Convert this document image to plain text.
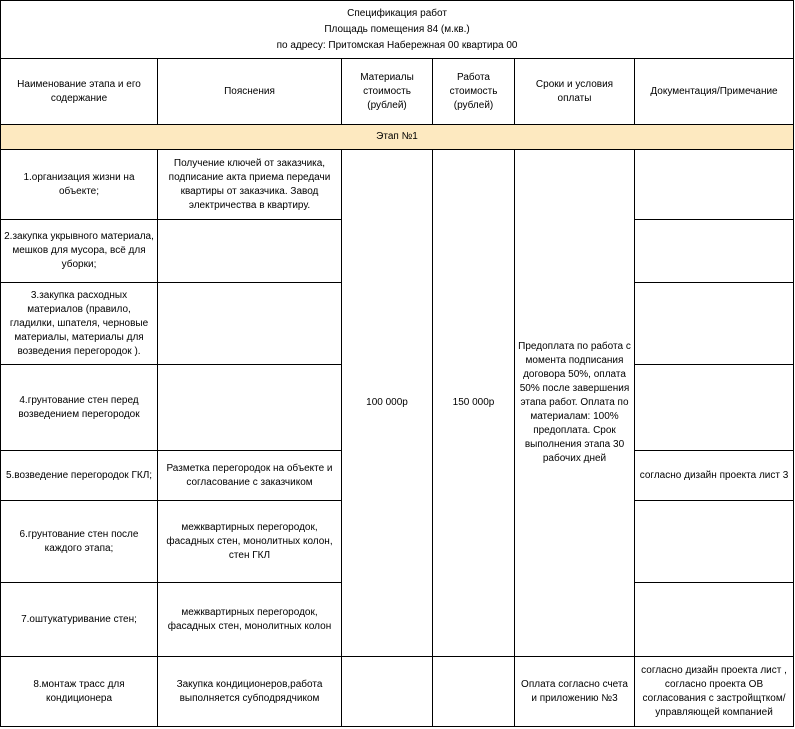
Спецификация работ
Площадь помещения 84 (м.кв.)
по адресу: Притомская Набережная 00 квартира 00					

Наименование этапа и его содержание	Пояснения	Материалы стоимость (рублей)	Работа стоимость (рублей)	Сроки и условия оплаты	Документация/Примечание
Этап №1					
1.организация жизни на объекте;	Получение ключей от заказчика, подписание акта приема передачи квартиры от заказчика. Завод электричества в квартиру.	100 000р	150 000р	Предоплата по работа с момента подписания договора 50%, оплата 50% после завершения этапа работ. Оплата по материалам: 100% предоплата. Срок выполнения этапа 30 рабочих дней	
2.закупка укрывного материала, мешков для мусора, всё для уборки;					
3.закупка расходных материалов (правило, гладилки, шпателя, черновые материалы, материалы для возведения перегородок ).					
4.грунтование стен перед возведением перегородок					
5.возведение перегородок ГКЛ;	Разметка перегородок на объекте и согласование с заказчиком				согласно дизайн проекта лист 3
6.грунтование стен после каждого этапа;	межквартирных перегородок, фасадных стен, монолитных колон, стен ГКЛ				
7.оштукатуривание стен;	межквартирных перегородок, фасадных стен, монолитных колон				
8.монтаж трасс для кондиционера	Закупка кондиционеров,работа выполняется субподрядчиком			Оплата согласно счета и приложению №3	согласно дизайн проекта лист , согласно проекта ОВ согласования с застройщтком/управляющей компанией
